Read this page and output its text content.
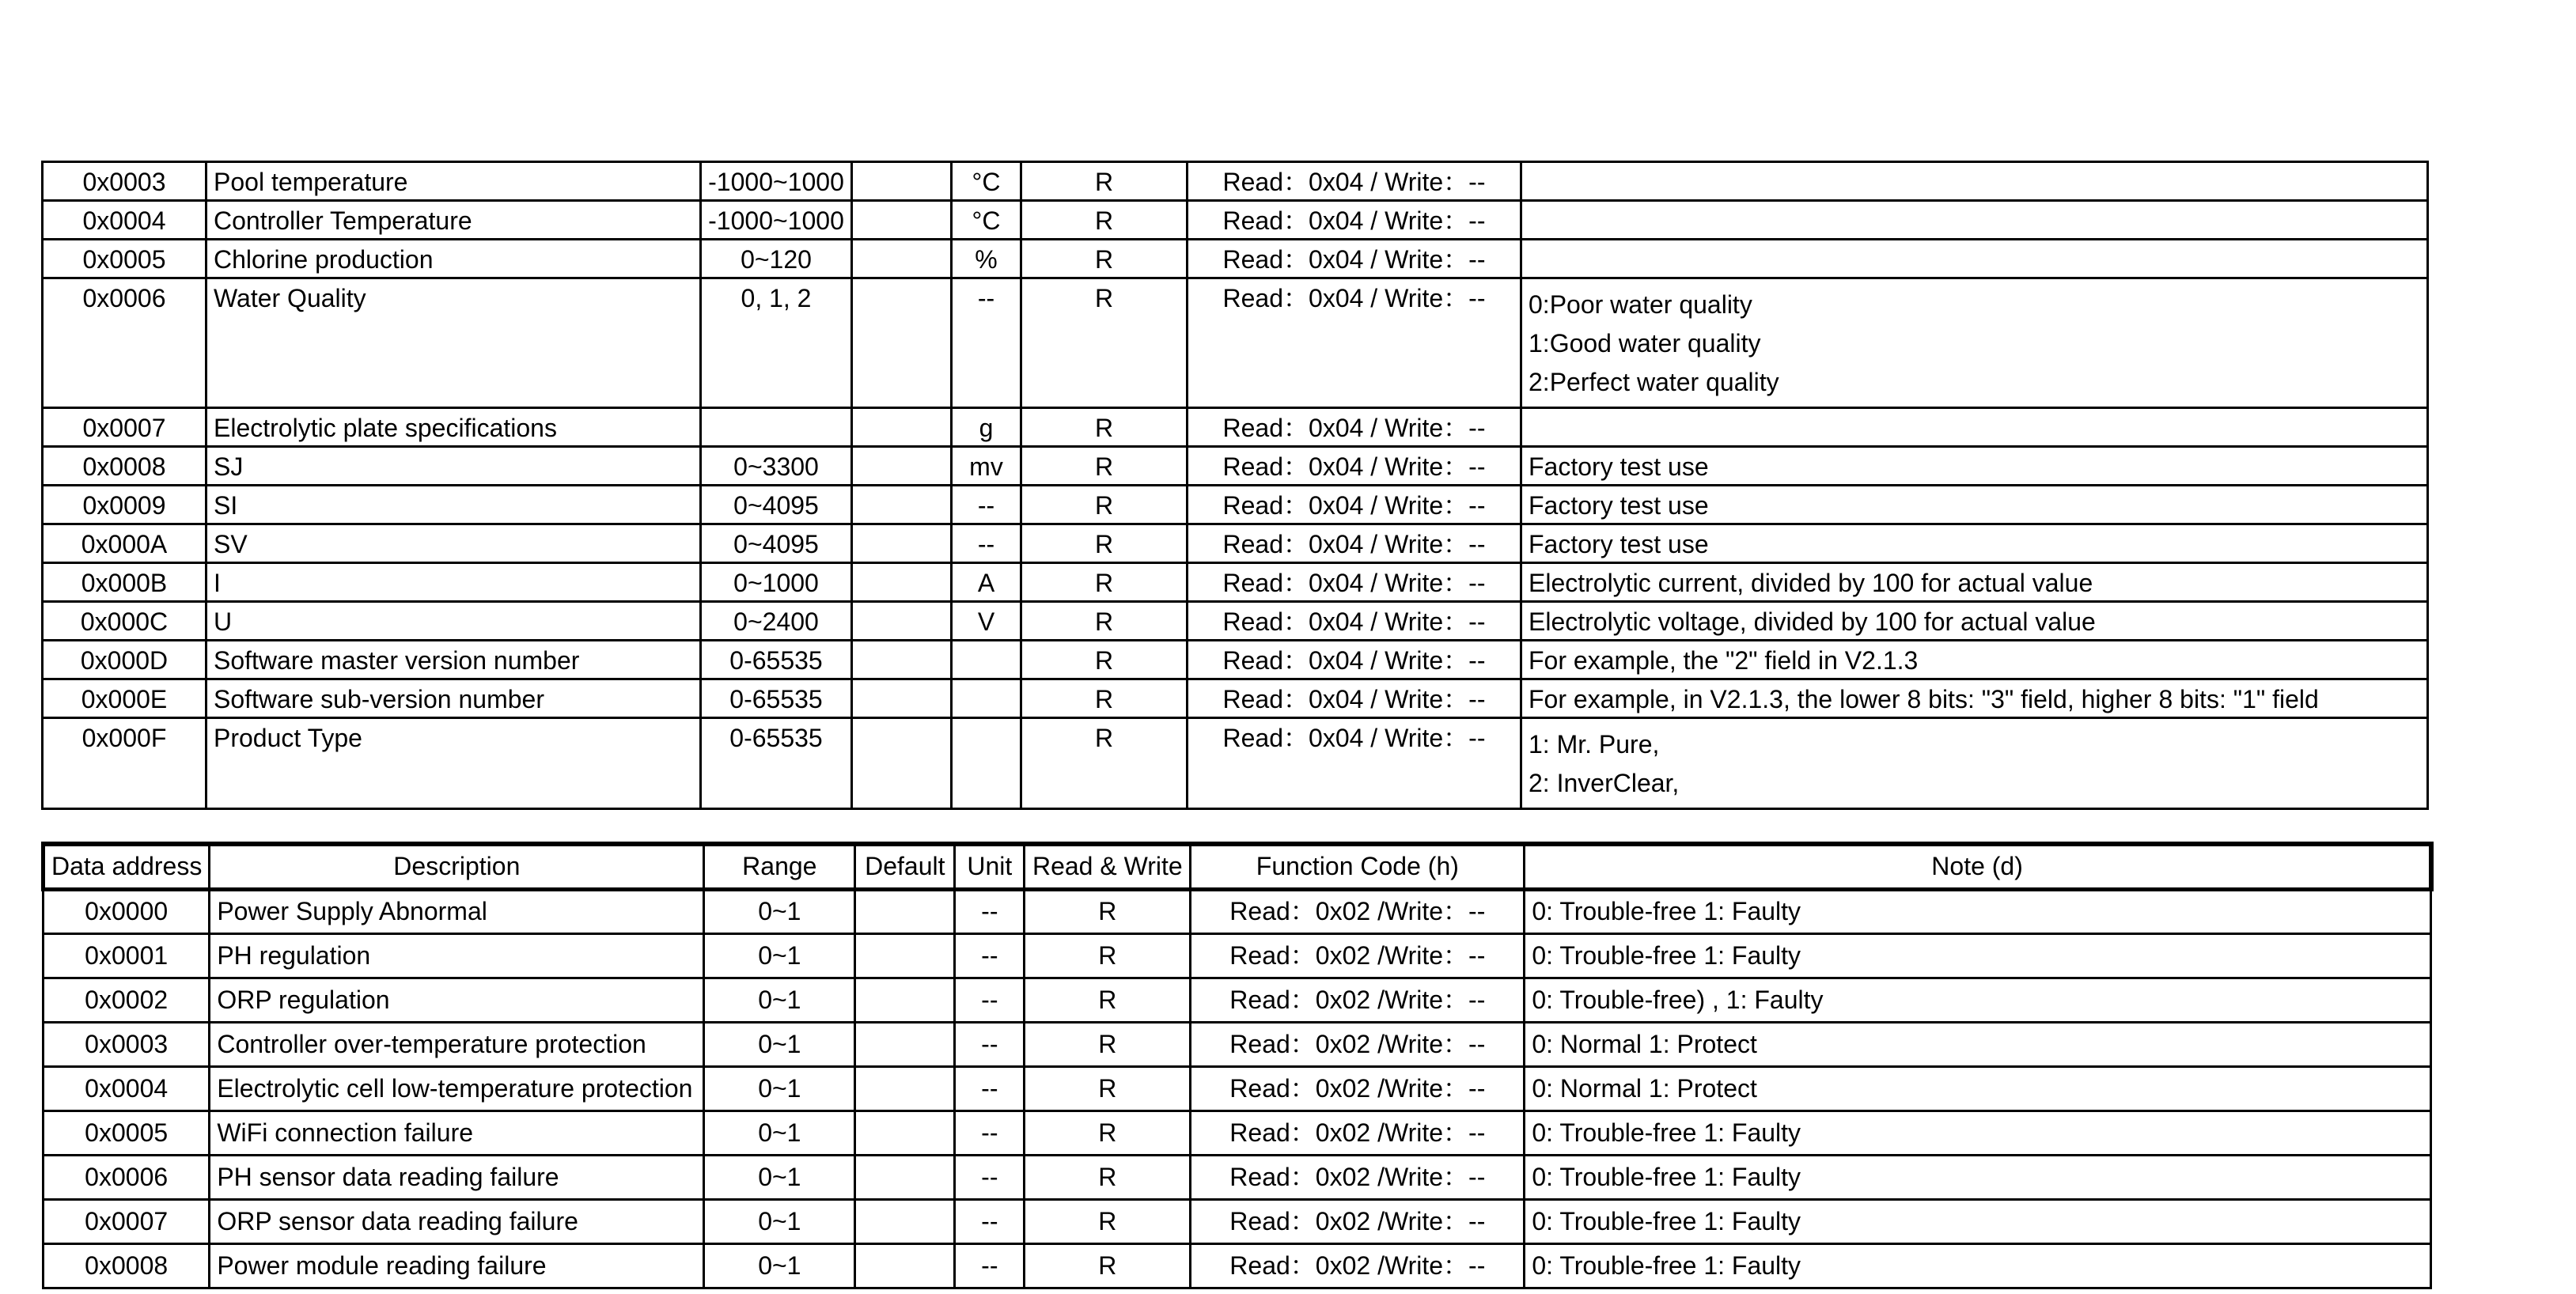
0x0003	Pool temperature	-1000~1000		°C	R	Read：0x04 / Write：--	
0x0004	Controller Temperature	-1000~1000		°C	R	Read：0x04 / Write：--	
0x0005	Chlorine production	0~120		%	R	Read：0x04 / Write：--	
0x0006	Water Quality	0, 1, 2		--	R	Read：0x04 / Write：--	0:Poor water quality
1:Good water quality
2:Perfect water quality

0x0007	Electrolytic plate specifications			g	R	Read：0x04 / Write：--	
0x0008	SJ	0~3300		mv	R	Read：0x04 / Write：--	Factory test use

0x0009	SI	0~4095		--	R	Read：0x04 / Write：--	Factory test use

0x000A	SV	0~4095		--	R	Read：0x04 / Write：--	Factory test use

0x000B	I	0~1000		A	R	Read：0x04 / Write：--	Electrolytic current, divided by 100 for actual value

0x000C	U	0~2400		V	R	Read：0x04 / Write：--	Electrolytic voltage, divided by 100 for actual value

0x000D	Software master version number	0-65535			R	Read：0x04 / Write：--	For example, the "2" field in V2.1.3

0x000E	Software sub-version number	0-65535			R	Read：0x04 / Write：--	For example, in V2.1.3, the lower 8 bits: "3" field, higher 8 bits: "1" field

0x000F	Product Type	0-65535			R	Read：0x04 / Write：--	1: Mr. Pure,
2: InverClear,
Data address	Description	Range	Default	Unit	Read & Write	Function Code (h)	Note (d)
0x0000	Power Supply Abnormal	0~1		--	R	Read：0x02 /Write：--	0: Trouble-free 1: Faulty
0x0001	PH regulation	0~1		--	R	Read：0x02 /Write：--	0: Trouble-free 1: Faulty
0x0002	ORP regulation	0~1		--	R	Read：0x02 /Write：--	0: Trouble-free) , 1: Faulty
0x0003	Controller over-temperature protection	0~1		--	R	Read：0x02 /Write：--	0: Normal 1: Protect
0x0004	Electrolytic cell low-temperature protection	0~1		--	R	Read：0x02 /Write：--	0: Normal 1: Protect
0x0005	WiFi connection failure	0~1		--	R	Read：0x02 /Write：--	0: Trouble-free 1: Faulty
0x0006	PH sensor data reading failure	0~1		--	R	Read：0x02 /Write：--	0: Trouble-free 1: Faulty
0x0007	ORP sensor data reading failure	0~1		--	R	Read：0x02 /Write：--	0: Trouble-free 1: Faulty
0x0008	Power module reading failure	0~1		--	R	Read：0x02 /Write：--	0: Trouble-free 1: Faulty
